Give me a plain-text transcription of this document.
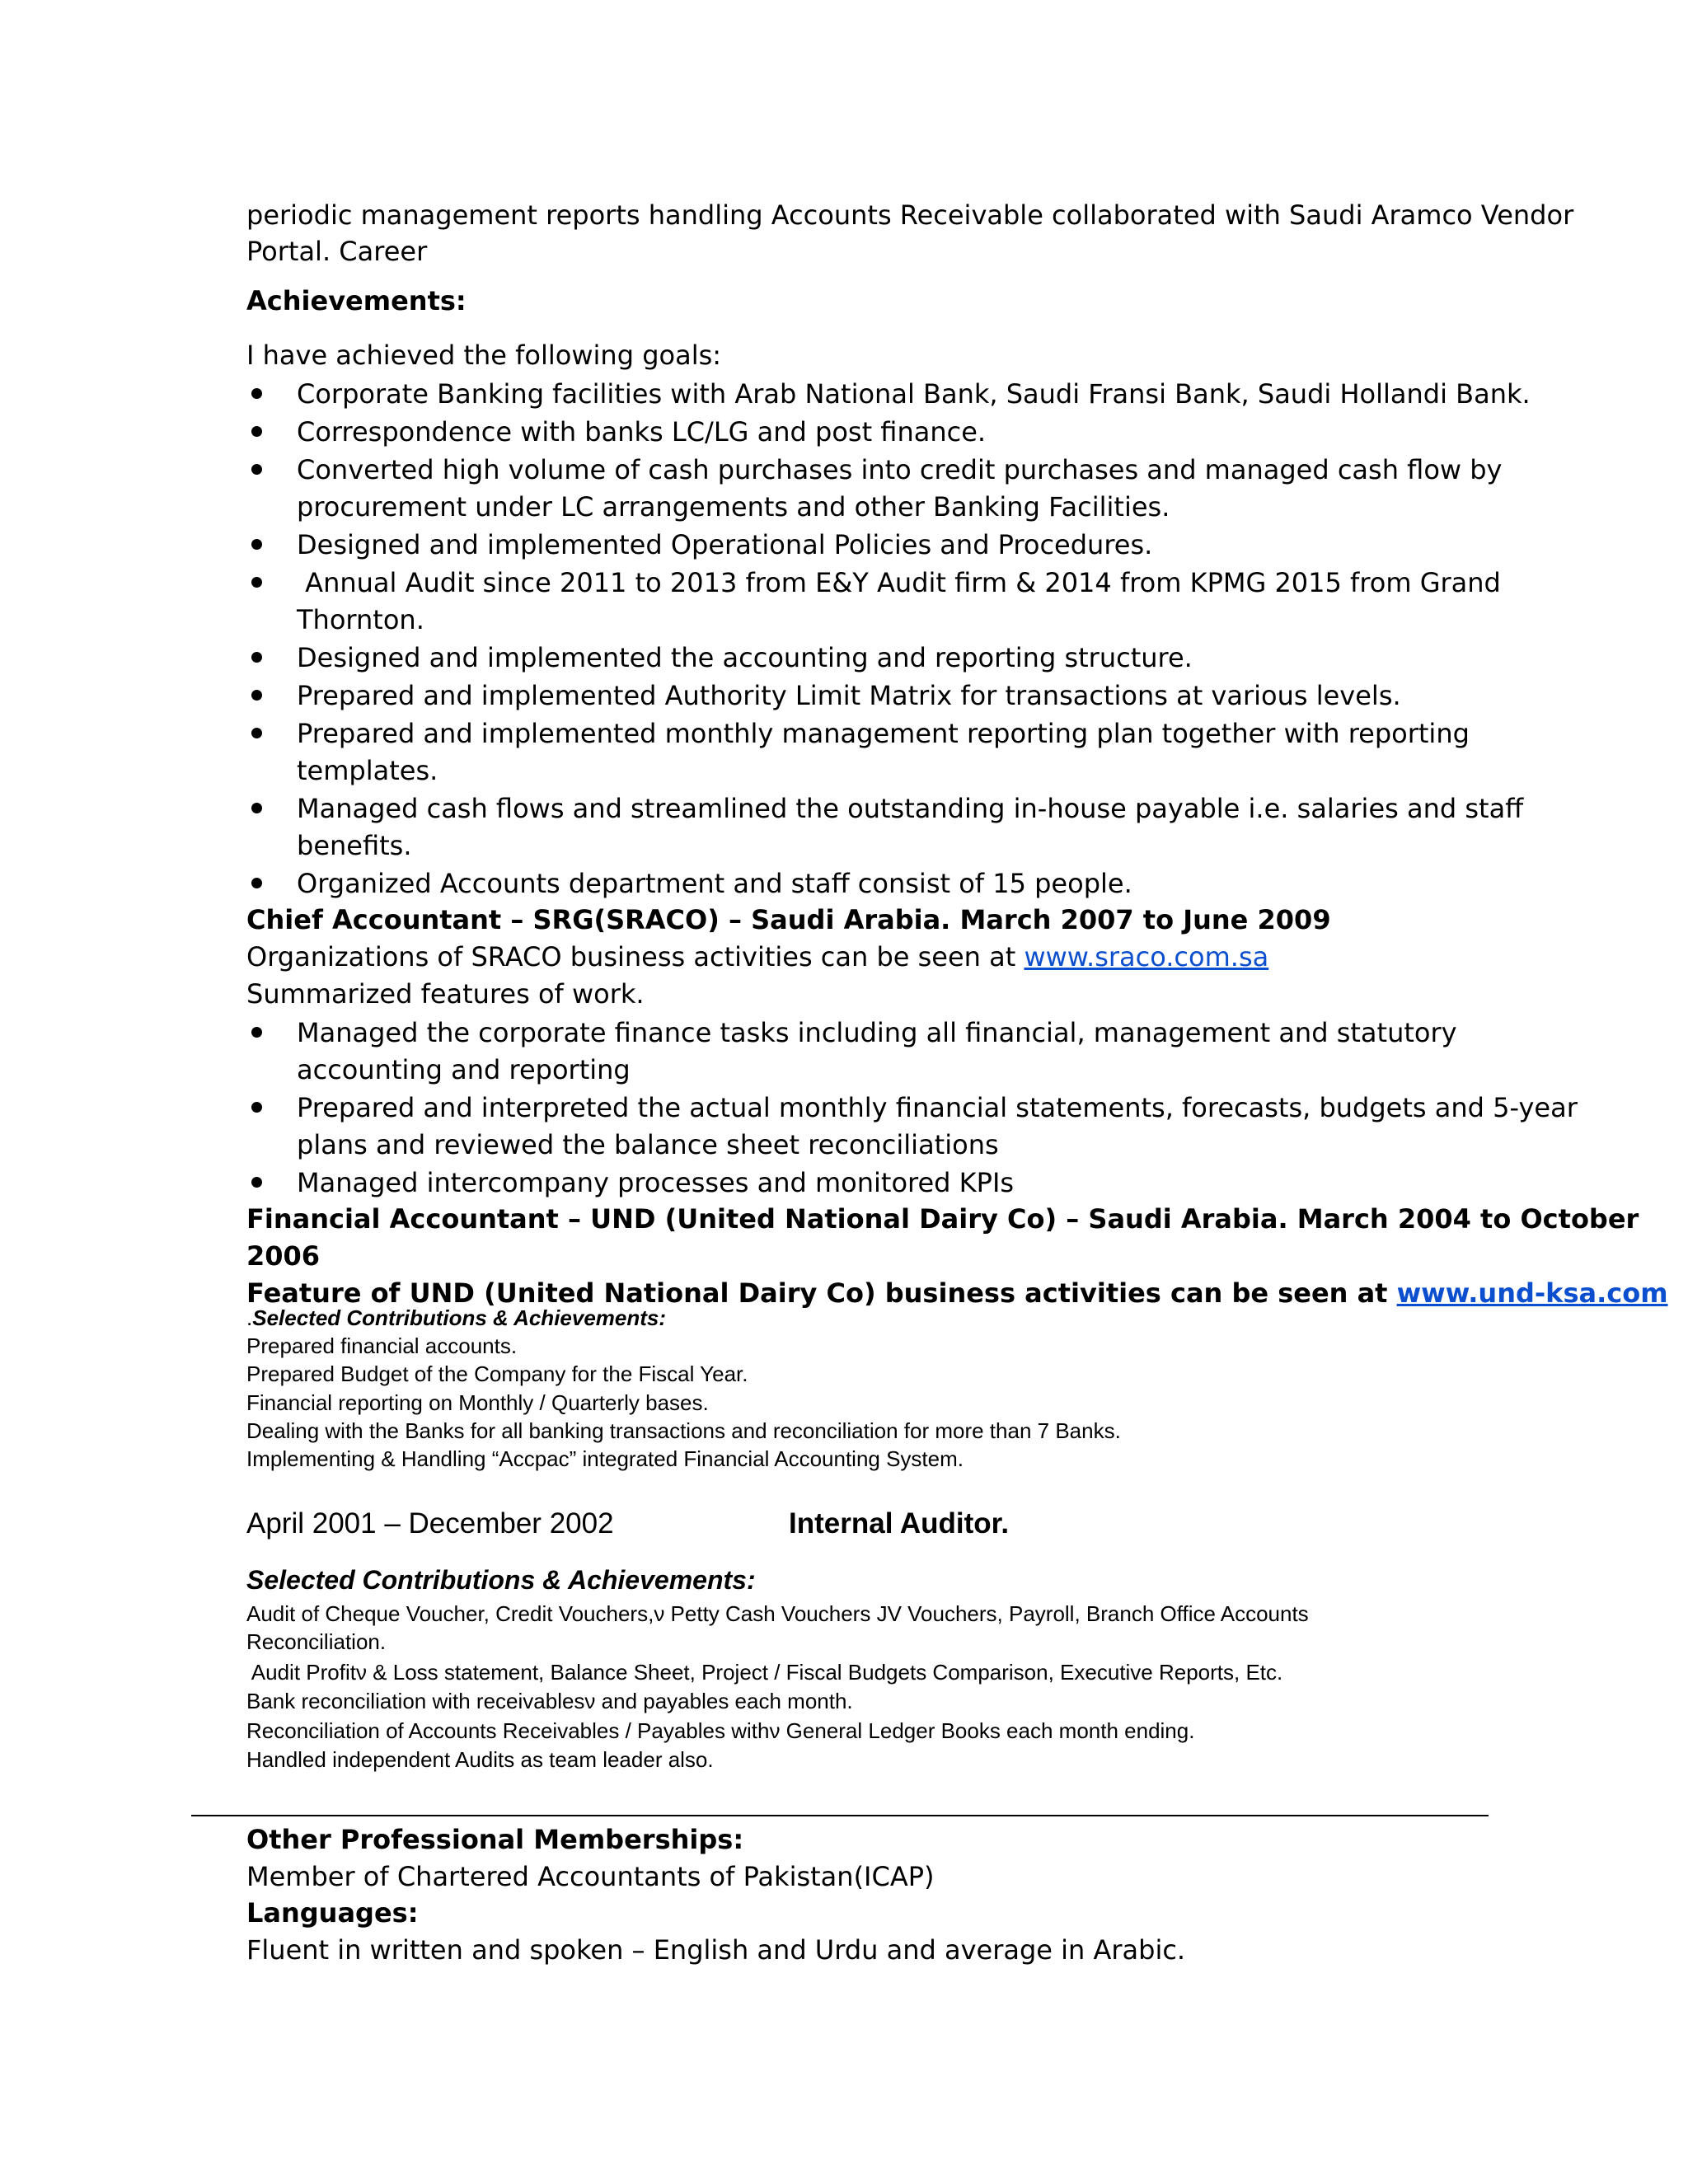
periodic management reports handling Accounts Receivable collaborated with Saudi Aramco Vendor

Portal. Career

Achievements:

I have achieved the following goals:

Corporate Banking facilities with Arab National Bank, Saudi Fransi Bank, Saudi Hollandi Bank.
Correspondence with banks LC/LG and post finance.
Converted high volume of cash purchases into credit purchases and managed cash flow by
procurement under LC arrangements and other Banking Facilities.
Designed and implemented Operational Policies and Procedures.
Annual Audit since 2011 to 2013 from E&Y Audit firm & 2014 from KPMG 2015 from Grand
Thornton.
Designed and implemented the accounting and reporting structure.
Prepared and implemented Authority Limit Matrix for transactions at various levels.
Prepared and implemented monthly management reporting plan together with reporting
templates.
Managed cash flows and streamlined the outstanding in-house payable i.e. salaries and staff
benefits.
Organized Accounts department and staff consist of 15 people.

Chief Accountant – SRG(SRACO) – Saudi Arabia. March 2007 to June 2009

Organizations of SRACO business activities can be seen at www.sraco.com.sa

Summarized features of work.

Managed the corporate finance tasks including all financial, management and statutory
accounting and reporting
Prepared and interpreted the actual monthly financial statements, forecasts, budgets and 5-year
plans and reviewed the balance sheet reconciliations
Managed intercompany processes and monitored KPIs

Financial Accountant – UND (United National Dairy Co) – Saudi Arabia. March 2004 to October

2006

Feature of UND (United National Dairy Co) business activities can be seen at www.und-ksa.com

.Selected Contributions & Achievements:

Prepared financial accounts.

Prepared Budget of the Company for the Fiscal Year.

Financial reporting on Monthly / Quarterly bases.

Dealing with the Banks for all banking transactions and reconciliation for more than 7 Banks.

Implementing & Handling “Accpac” integrated Financial Accounting System.

April 2001 – December 2002	Internal Auditor.

Selected Contributions & Achievements:

Audit of Cheque Voucher, Credit Vouchers,ν Petty Cash Vouchers JV Vouchers, Payroll, Branch Office Accounts

Reconciliation.

Audit Profitν & Loss statement, Balance Sheet, Project / Fiscal Budgets Comparison, Executive Reports, Etc.

Bank reconciliation with receivablesν and payables each month.

Reconciliation of Accounts Receivables / Payables withν General Ledger Books each month ending.

Handled independent Audits as team leader also.

Other Professional Memberships:

Member of Chartered Accountants of Pakistan(ICAP)

Languages:

Fluent in written and spoken – English and Urdu and average in Arabic.
